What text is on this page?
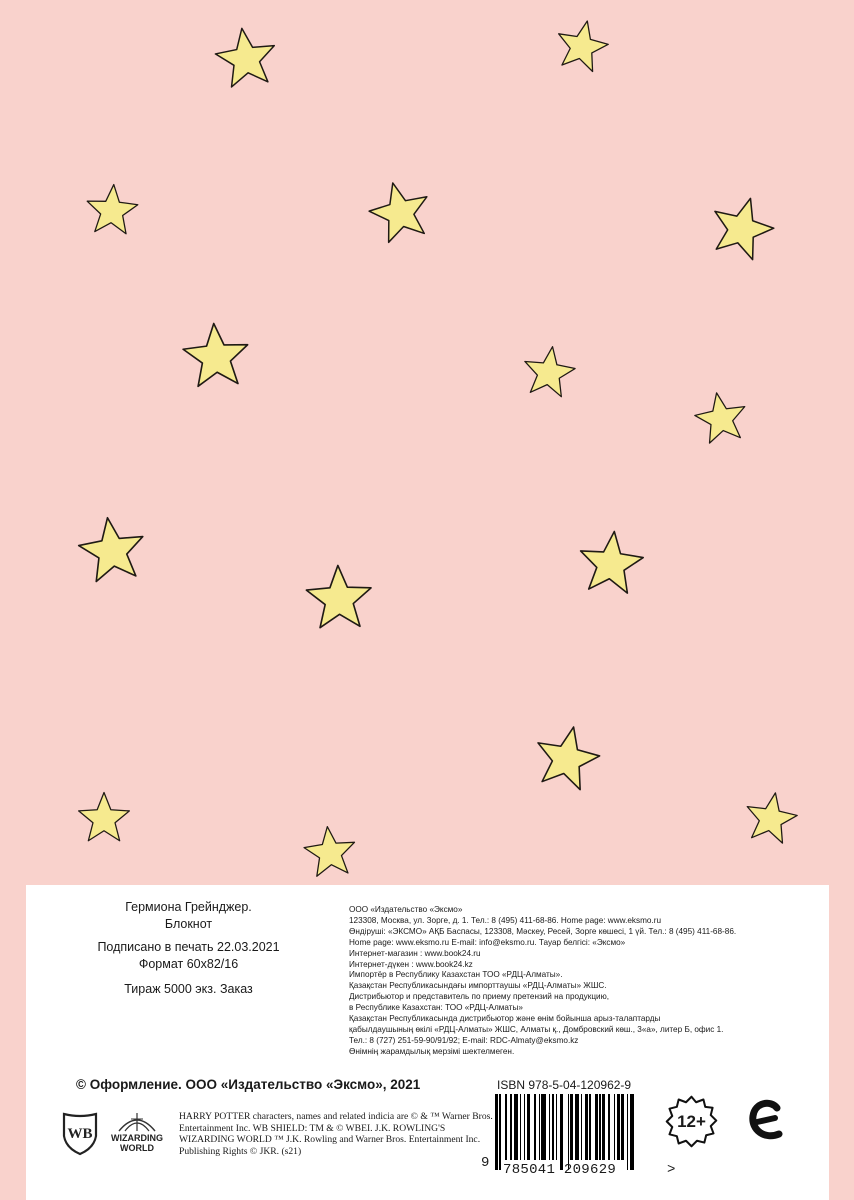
Гермиона Грейнджер.
Блокнот
Подписано в печать 22.03.2021
Формат 60х82/16
Тираж 5000 экз. Заказ
ООО «Издательство «Эксмо»
123308, Москва, ул. Зорге, д. 1. Тел.: 8 (495) 411-68-86. Home page: www.eksmo.ru
Өндіруші: «ЭКСМО» АҚБ Баспасы, 123308, Мәскеу, Ресей, Зорге көшесі, 1 үй. Тел.: 8 (495) 411-68-86.
Home page: www.eksmo.ru E-mail: info@eksmo.ru. Тауар белгісі: «Эксмо»
Интернет-магазин : www.book24.ru
Интернет-дүкен : www.book24.kz
Импортёр в Республику Казахстан ТОО «РДЦ-Алматы».
Қазақстан Республикасындағы импорттаушы «РДЦ-Алматы» ЖШС.
Дистрибьютор и представитель по приему претензий на продукцию,
в Республике Казахстан: ТОО «РДЦ-Алматы»
Қазақстан Республикасында дистрибьютор және өнім бойынша арыз-талаптарды
қабылдаушының өкілі «РДЦ-Алматы» ЖШС, Алматы қ., Домбровский көш., 3«а», литер Б, офис 1.
Тел.: 8 (727) 251-59-90/91/92; E-mail: RDC-Almaty@eksmo.kz
Өнімнің жарамдылық мерзімі шектелмеген.
© Оформление. ООО «Издательство «Эксмо», 2021	ISBN 978-5-04-120962-9
9 785041 209629	>
12+
WB	WIZARDING
WORLD
HARRY POTTER characters, names and related indicia are © & ™ Warner Bros. Entertainment Inc. WB SHIELD: TM & © WBEI. J.K. ROWLING'S WIZARDING WORLD ™ J.K. Rowling and Warner Bros. Entertainment Inc. Publishing Rights © JKR. (s21)
